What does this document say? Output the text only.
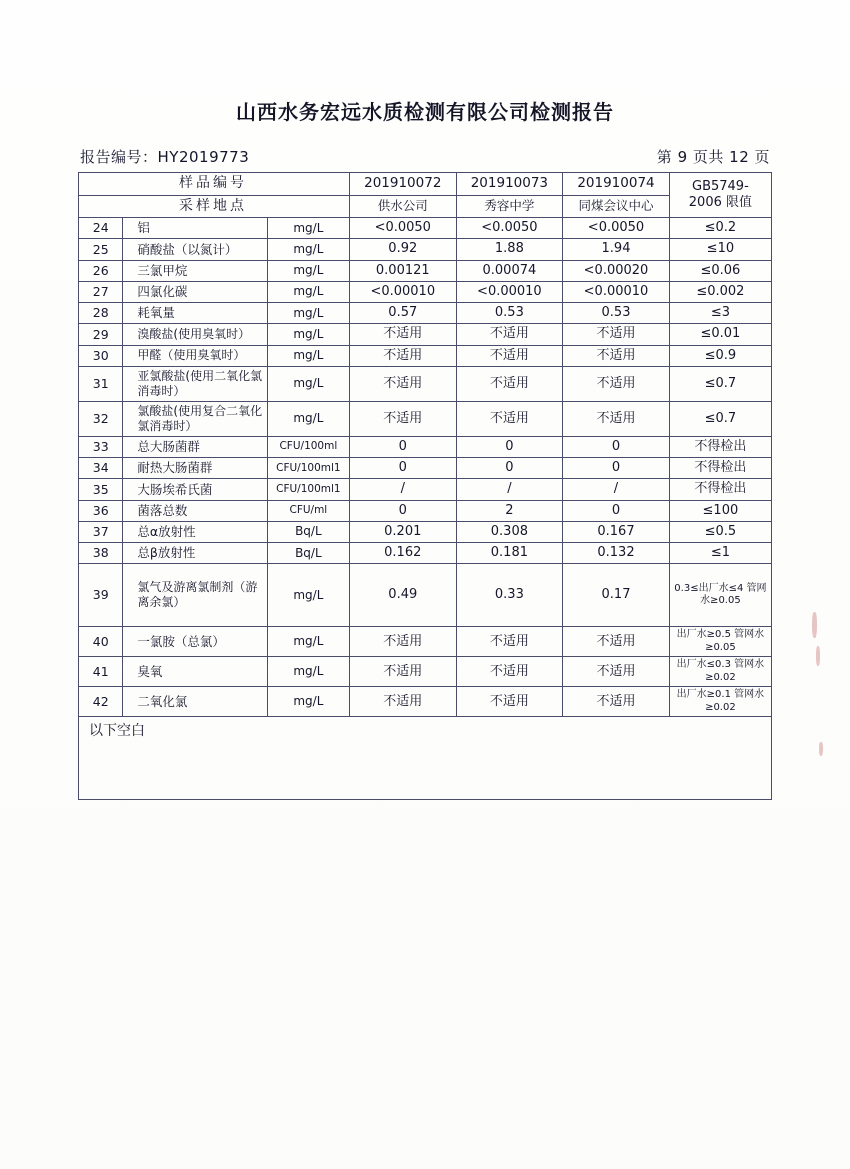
山西水务宏远水质检测有限公司检测报告
报告编号：HY2019773	第 9 页共 12 页
样品编号			201910072	201910073	201910074	GB5749-
2006 限值
采样地点			供水公司	秀容中学	同煤会议中心	
24	铝	mg/L	<0.0050	<0.0050	<0.0050	≤0.2
25	硝酸盐（以氮计）	mg/L	0.92	1.88	1.94	≤10
26	三氯甲烷	mg/L	0.00121	0.00074	<0.00020	≤0.06
27	四氯化碳	mg/L	<0.00010	<0.00010	<0.00010	≤0.002
28	耗氧量	mg/L	0.57	0.53	0.53	≤3
29	溴酸盐(使用臭氧时）	mg/L	不适用	不适用	不适用	≤0.01
30	甲醛（使用臭氧时）	mg/L	不适用	不适用	不适用	≤0.9
31	亚氯酸盐(使用二氧化氯消毒时）	mg/L	不适用	不适用	不适用	≤0.7
32	氯酸盐(使用复合二氧化氯消毒时）	mg/L	不适用	不适用	不适用	≤0.7
33	总大肠菌群	CFU/100ml	0	0	0	不得检出
34	耐热大肠菌群	CFU/100ml1	0	0	0	不得检出
35	大肠埃希氏菌	CFU/100ml1	/	/	/	不得检出
36	菌落总数	CFU/ml	0	2	0	≤100
37	总α放射性	Bq/L	0.201	0.308	0.167	≤0.5
38	总β放射性	Bq/L	0.162	0.181	0.132	≤1
39	氯气及游离氯制剂（游离余氯）	mg/L	0.49	0.33	0.17	0.3≤出厂水≤4 管网水≥0.05
40	一氯胺（总氯）	mg/L	不适用	不适用	不适用	出厂水≥0.5 管网水≥0.05
41	臭氧	mg/L	不适用	不适用	不适用	出厂水≤0.3 管网水≥0.02
42	二氧化氯	mg/L	不适用	不适用	不适用	出厂水≥0.1 管网水≥0.02

以下空白						
